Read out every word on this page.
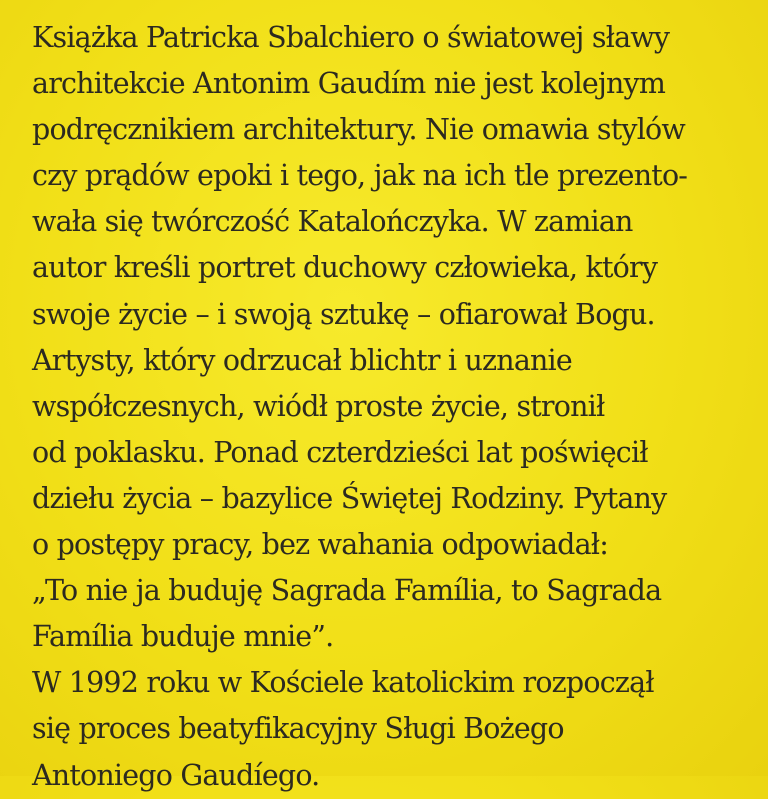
Książka Patricka Sbalchiero o światowej sławy
architekcie Antonim Gaudím nie jest kolejnym
podręcznikiem architektury. Nie omawia stylów
czy prądów epoki i tego, jak na ich tle prezento-
wała się twórczość Katalończyka. W zamian
autor kreśli portret duchowy człowieka, który
swoje życie – i swoją sztukę – ofiarował Bogu.
Artysty, który odrzucał blichtr i uznanie
współczesnych, wiódł proste życie, stronił
od poklasku. Ponad czterdzieści lat poświęcił
dziełu życia – bazylice Świętej Rodziny. Pytany
o postępy pracy, bez wahania odpowiadał:
„To nie ja buduję Sagrada Família, to Sagrada
Família buduje mnie”.
W 1992 roku w Kościele katolickim rozpoczął
się proces beatyfikacyjny Sługi Bożego
Antoniego Gaudíego.
